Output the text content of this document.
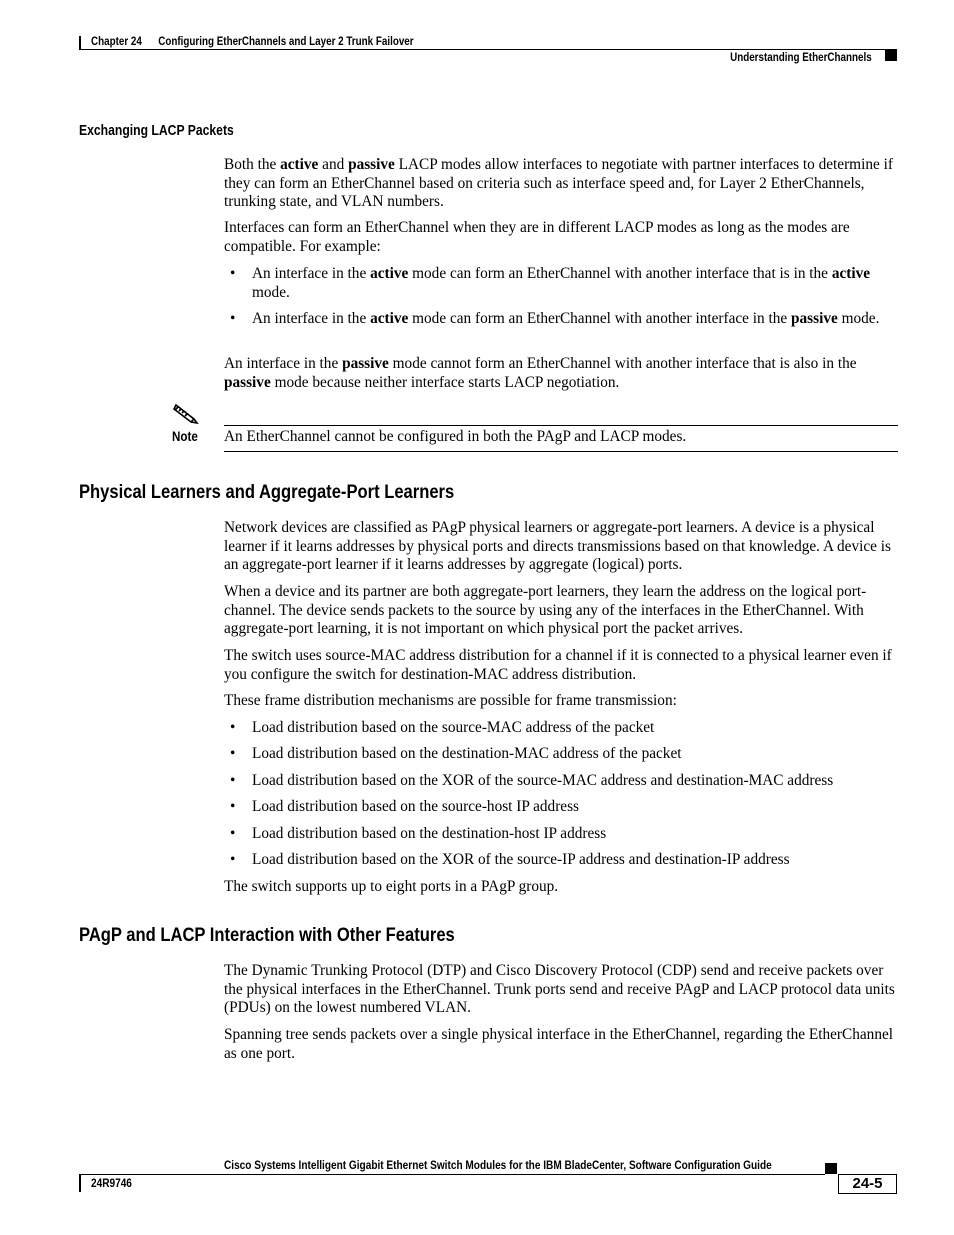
Chapter 24      Configuring EtherChannels and Layer 2 Trunk Failover
Understanding EtherChannels
Exchanging LACP Packets

Both the active and passive LACP modes allow interfaces to negotiate with partner interfaces to determine if they can form an EtherChannel based on criteria such as interface speed and, for Layer 2 EtherChannels, trunking state, and VLAN numbers.

Interfaces can form an EtherChannel when they are in different LACP modes as long as the modes are compatible. For example:
• An interface in the active mode can form an EtherChannel with another interface that is in the active mode.
• An interface in the active mode can form an EtherChannel with another interface in the passive mode.

An interface in the passive mode cannot form an EtherChannel with another interface that is also in the passive mode because neither interface starts LACP negotiation.

Note An EtherChannel cannot be configured in both the PAgP and LACP modes.
Physical Learners and Aggregate-Port Learners
Network devices are classified as PAgP physical learners or aggregate-port learners. A device is a physical learner if it learns addresses by physical ports and directs transmissions based on that knowledge. A device is an aggregate-port learner if it learns addresses by aggregate (logical) ports.
When a device and its partner are both aggregate-port learners, they learn the address on the logical port-channel. The device sends packets to the source by using any of the interfaces in the EtherChannel. With aggregate-port learning, it is not important on which physical port the packet arrives.
The switch uses source-MAC address distribution for a channel if it is connected to a physical learner even if you configure the switch for destination-MAC address distribution.
These frame distribution mechanisms are possible for frame transmission:
• Load distribution based on the source-MAC address of the packet
• Load distribution based on the destination-MAC address of the packet
• Load distribution based on the XOR of the source-MAC address and destination-MAC address
• Load distribution based on the source-host IP address
• Load distribution based on the destination-host IP address
• Load distribution based on the XOR of the source-IP address and destination-IP address
The switch supports up to eight ports in a PAgP group.
PAgP and LACP Interaction with Other Features
The Dynamic Trunking Protocol (DTP) and Cisco Discovery Protocol (CDP) send and receive packets over the physical interfaces in the EtherChannel. Trunk ports send and receive PAgP and LACP protocol data units (PDUs) on the lowest numbered VLAN.
Spanning tree sends packets over a single physical interface in the EtherChannel, regarding the EtherChannel as one port.
Cisco Systems Intelligent Gigabit Ethernet Switch Modules for the IBM BladeCenter, Software Configuration Guide
24R9746	24-5
